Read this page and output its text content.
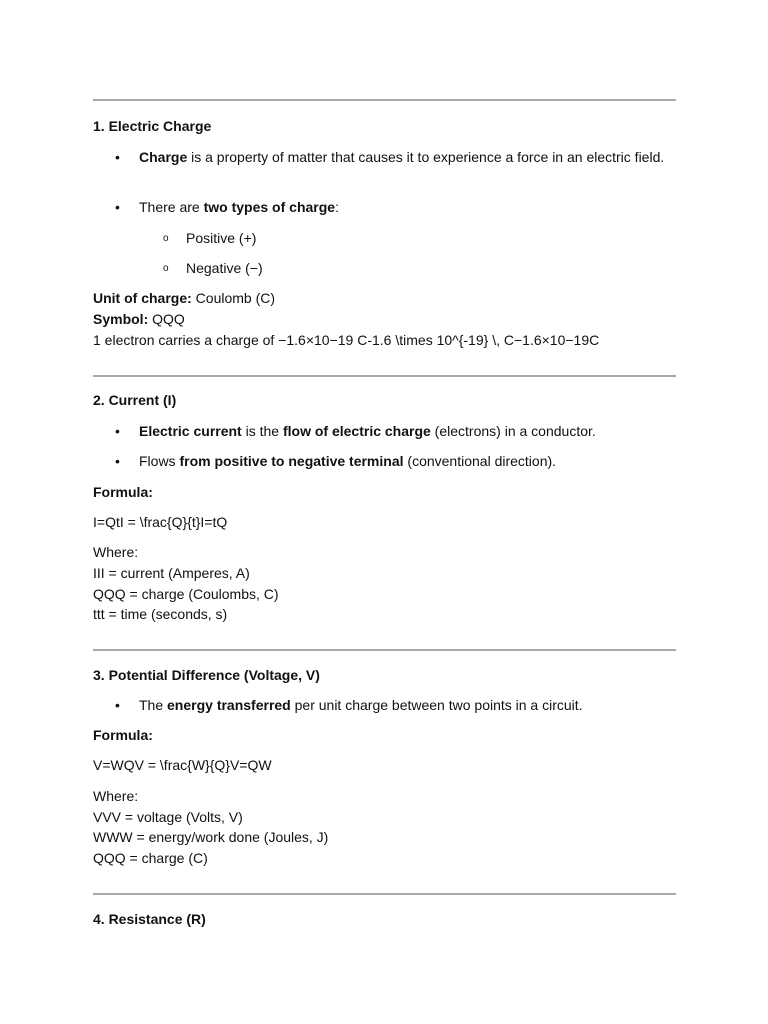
1. Electric Charge
• Charge is a property of matter that causes it to experience a force in an electric field.
• There are two types of charge:
o Positive (+)
o Negative (−)
Unit of charge: Coulomb (C)
Symbol: QQQ
1 electron carries a charge of −1.6×10−19 C-1.6 \times 10^{-19} \, C−1.6×10−19C
2. Current (I)
• Electric current is the flow of electric charge (electrons) in a conductor.
• Flows from positive to negative terminal (conventional direction).
Formula:
I=QtI = \frac{Q}{t}I=tQ
Where:
III = current (Amperes, A)
QQQ = charge (Coulombs, C)
ttt = time (seconds, s)
3. Potential Difference (Voltage, V)
• The energy transferred per unit charge between two points in a circuit.
Formula:
V=WQV = \frac{W}{Q}V=QW
Where:
VVV = voltage (Volts, V)
WWW = energy/work done (Joules, J)
QQQ = charge (C)
4. Resistance (R)
